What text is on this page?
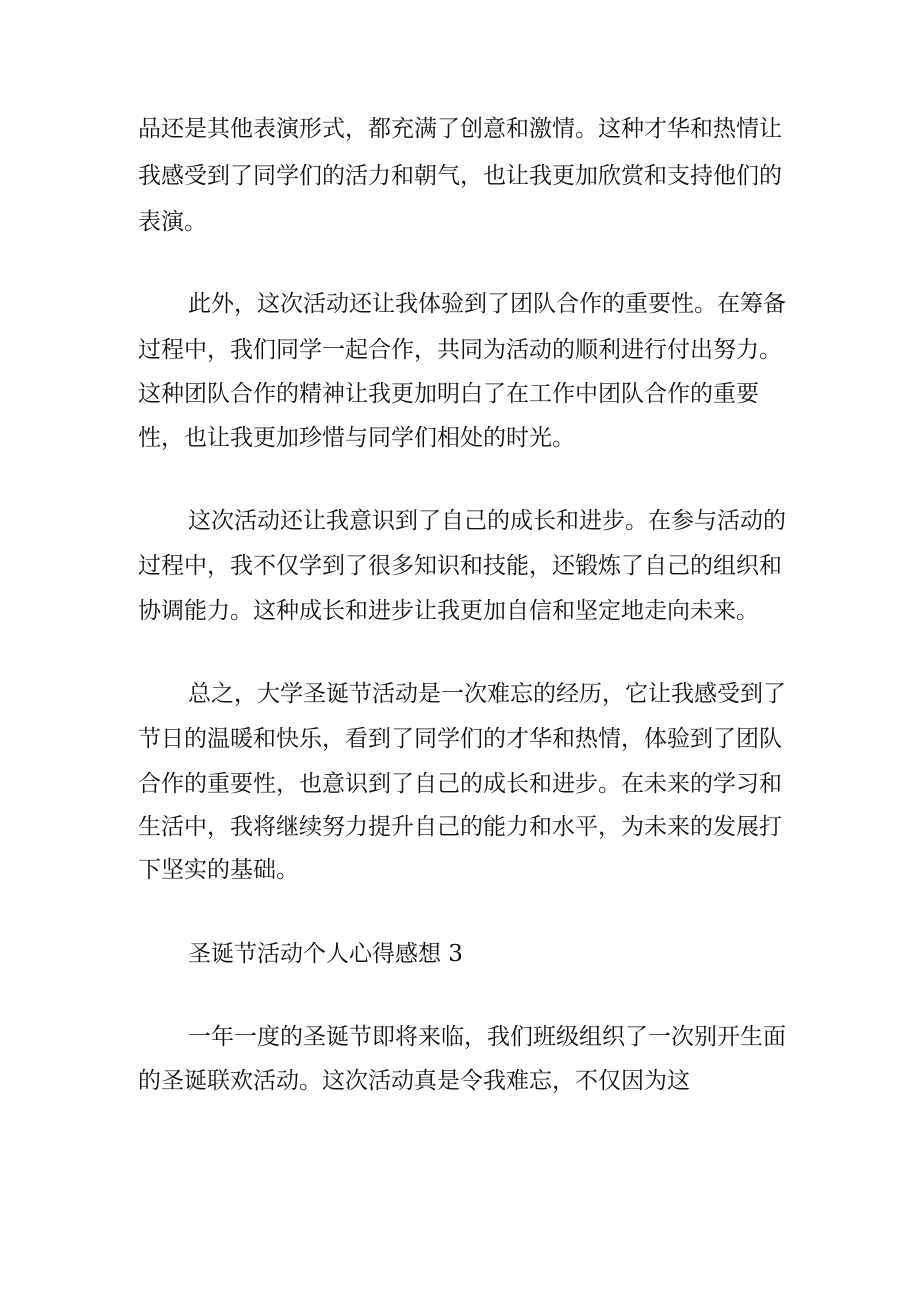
品还是其他表演形式，都充满了创意和激情。这种才华和热情让
我感受到了同学们的活力和朝气，也让我更加欣赏和支持他们的
表演。
此外，这次活动还让我体验到了团队合作的重要性。在筹备
过程中，我们同学一起合作，共同为活动的顺利进行付出努力。
这种团队合作的精神让我更加明白了在工作中团队合作的重要
性，也让我更加珍惜与同学们相处的时光。
这次活动还让我意识到了自己的成长和进步。在参与活动的
过程中，我不仅学到了很多知识和技能，还锻炼了自己的组织和
协调能力。这种成长和进步让我更加自信和坚定地走向未来。
总之，大学圣诞节活动是一次难忘的经历，它让我感受到了
节日的温暖和快乐，看到了同学们的才华和热情，体验到了团队
合作的重要性，也意识到了自己的成长和进步。在未来的学习和
生活中，我将继续努力提升自己的能力和水平，为未来的发展打
下坚实的基础。
圣诞节活动个人心得感想 3
一年一度的圣诞节即将来临，我们班级组织了一次别开生面
的圣诞联欢活动。这次活动真是令我难忘，不仅因为这
